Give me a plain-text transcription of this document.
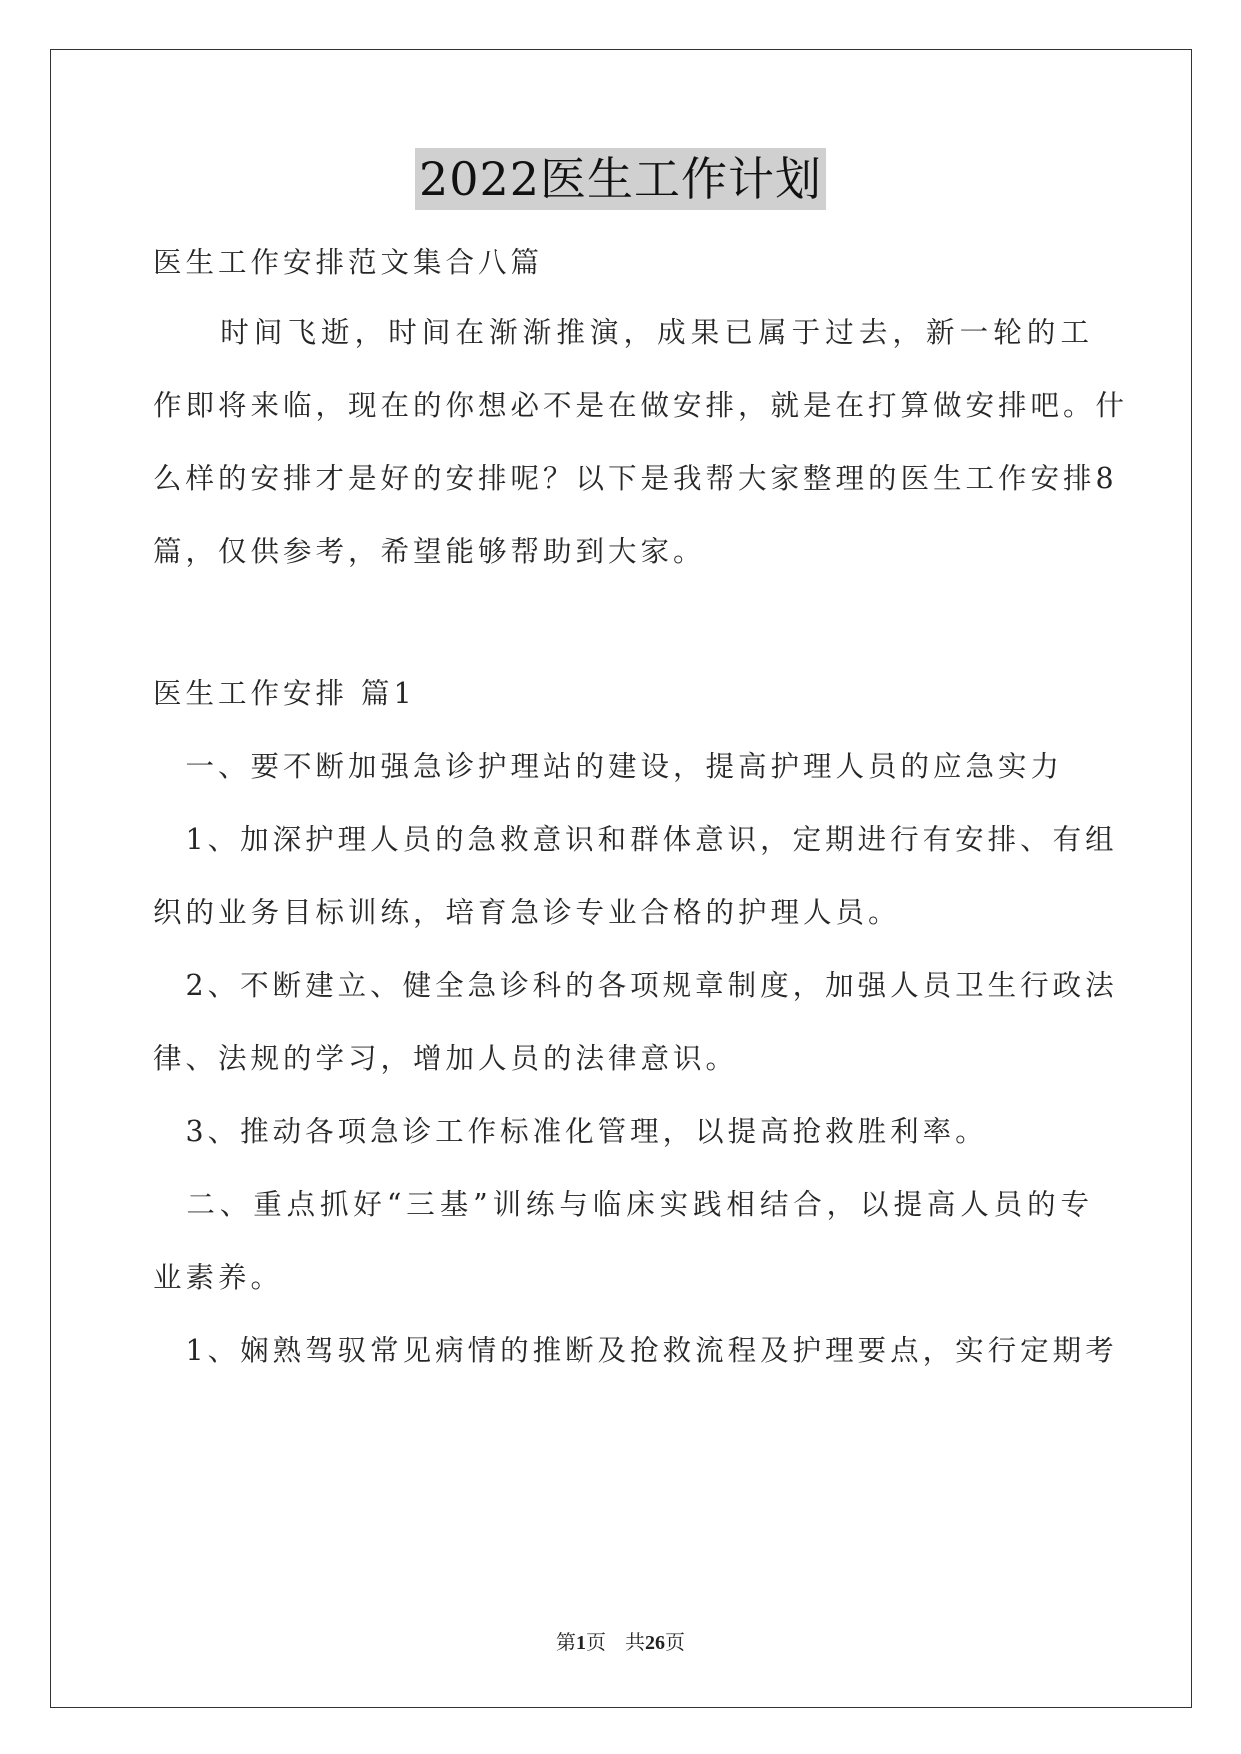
2022医生工作计划
医生工作安排范文集合八篇
　　时间飞逝，时间在渐渐推演，成果已属于过去，新一轮的工
作即将来临，现在的你想必不是在做安排，就是在打算做安排吧。什
么样的安排才是好的安排呢？以下是我帮大家整理的医生工作安排8
篇，仅供参考，希望能够帮助到大家。
医生工作安排 篇1
　一、要不断加强急诊护理站的建设，提高护理人员的应急实力
　1、加深护理人员的急救意识和群体意识，定期进行有安排、有组
织的业务目标训练，培育急诊专业合格的护理人员。
　2、不断建立、健全急诊科的各项规章制度，加强人员卫生行政法
律、法规的学习，增加人员的法律意识。
　3、推动各项急诊工作标准化管理，以提高抢救胜利率。
　二、重点抓好“三基”训练与临床实践相结合，以提高人员的专
业素养。
　1、娴熟驾驭常见病情的推断及抢救流程及护理要点，实行定期考
第1页 共26页
